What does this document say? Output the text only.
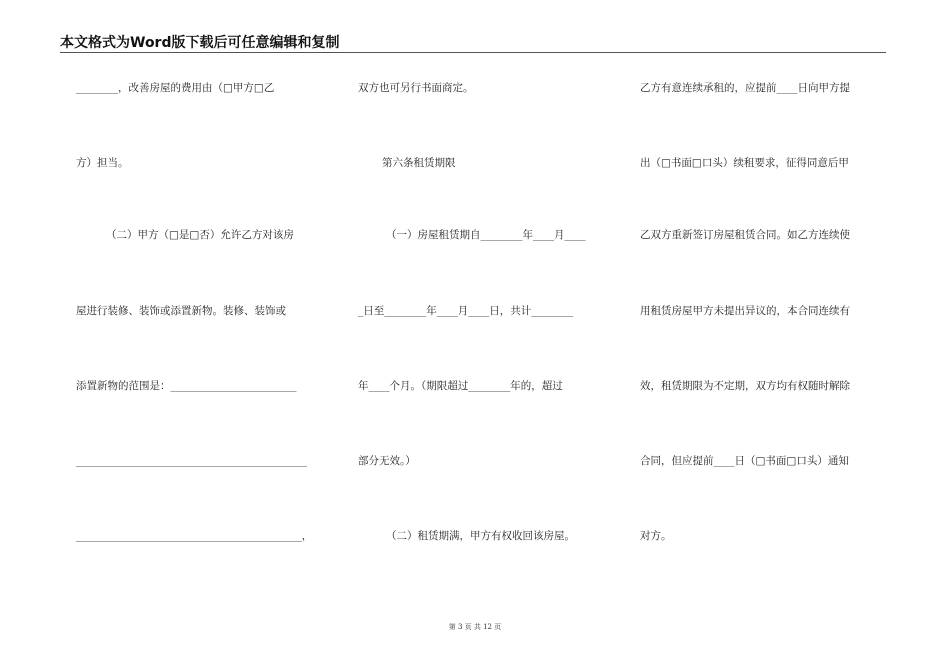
本文格式为Word版下载后可任意编辑和复制
________，改善房屋的费用由（□甲方□乙
方）担当。
（二）甲方（□是□否）允许乙方对该房
屋进行装修、装饰或添置新物。装修、装饰或
添置新物的范围是：________________________
____________________________________________
___________________________________________，
双方也可另行书面商定。
第六条租赁期限
（一）房屋租赁期自________年____月____
_日至________年____月____日，共计________
年____个月。（期限超过________年的，超过
部分无效。）
（二）租赁期满，甲方有权收回该房屋。
乙方有意连续承租的，应提前____日向甲方提
出（□书面□口头）续租要求，征得同意后甲
乙双方重新签订房屋租赁合同。如乙方连续使
用租赁房屋甲方未提出异议的，本合同连续有
效，租赁期限为不定期，双方均有权随时解除
合同，但应提前____日（□书面□口头）通知
对方。
第 3 页 共 12 页
